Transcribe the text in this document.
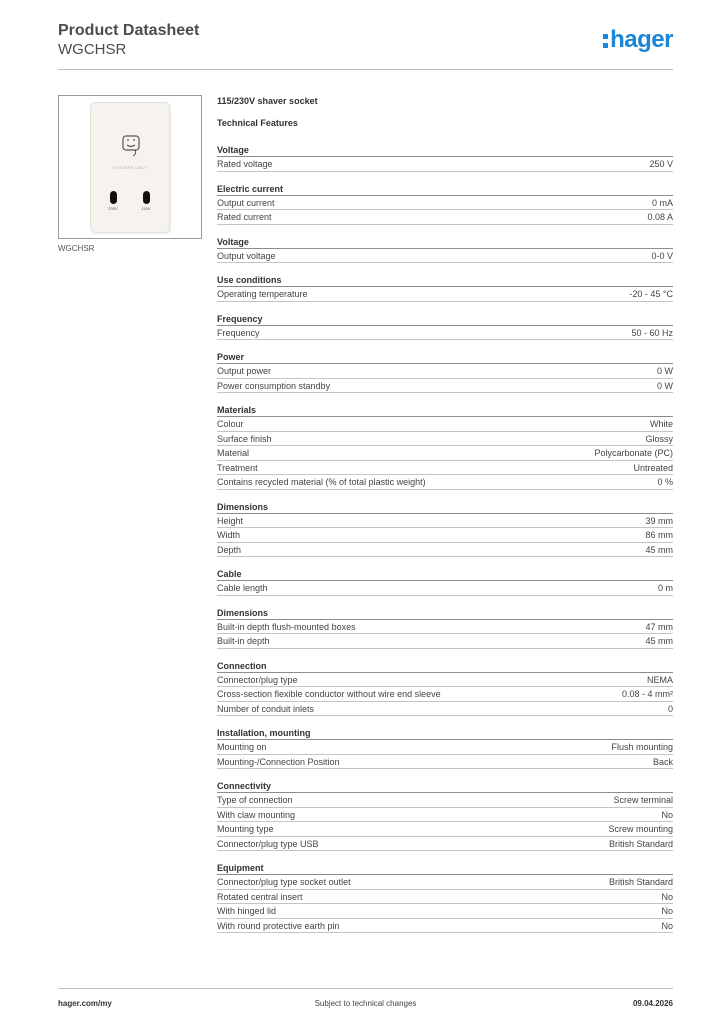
Product Datasheet
WGCHSR	hager
SHAVERS ONLY
230V	115V
WGCHSR
115/230V shaver socket
Technical Features
Voltage
Rated voltage	250 V
Electric current
Output current	0 mA
Rated current	0.08 A
Voltage
Output voltage	0-0 V
Use conditions
Operating temperature	-20 - 45 °C
Frequency
Frequency	50 - 60 Hz
Power
Output power	0 W
Power consumption standby	0 W
Materials
Colour	White
Surface finish	Glossy
Material	Polycarbonate (PC)
Treatment	Untreated
Contains recycled material (% of total plastic weight)	0 %
Dimensions
Height	39 mm
Width	86 mm
Depth	45 mm
Cable
Cable length	0 m
Dimensions
Built-in depth flush-mounted boxes	47 mm
Built-in depth	45 mm
Connection
Connector/plug type	NEMA
Cross-section flexible conductor without wire end sleeve	0.08 - 4 mm²
Number of conduit inlets	0
Installation, mounting
Mounting on	Flush mounting
Mounting-/Connection Position	Back
Connectivity
Type of connection	Screw terminal
With claw mounting	No
Mounting type	Screw mounting
Connector/plug type USB	British Standard
Equipment
Connector/plug type socket outlet	British Standard
Rotated central insert	No
With hinged lid	No
With round protective earth pin	No
hager.com/my	Subject to technical changes	09.04.2026
